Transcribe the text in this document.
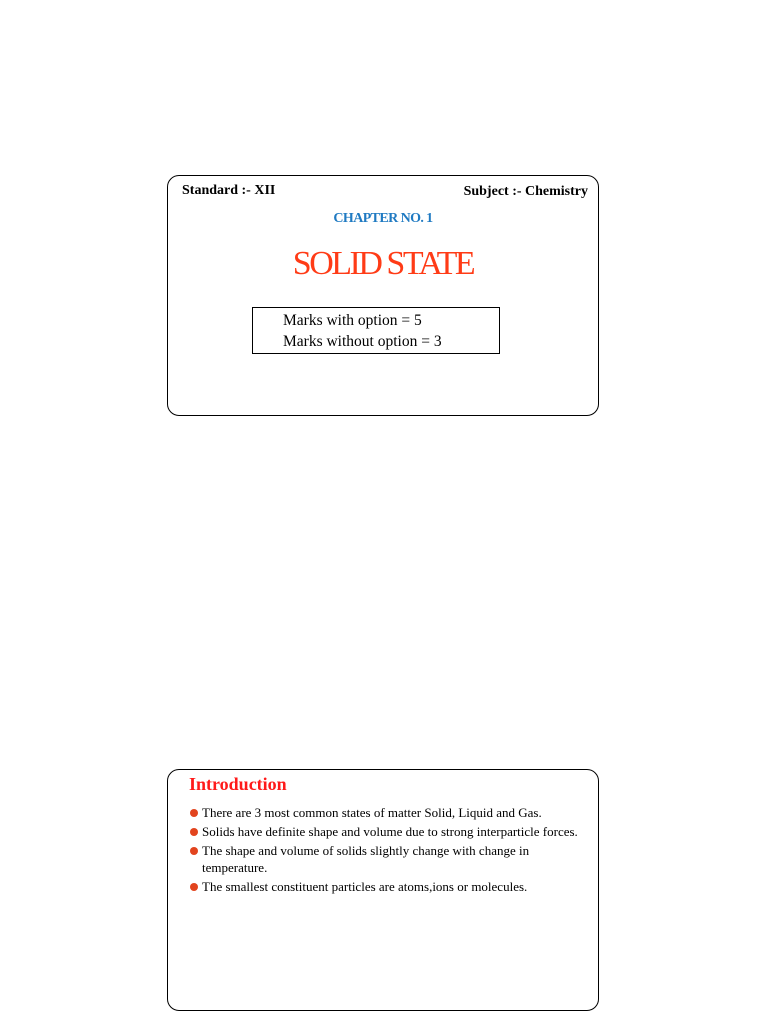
Standard :- XII	Subject :- Chemistry
CHAPTER NO. 1
SOLID STATE
Marks with option = 5
Marks without option = 3
Introduction
There are 3 most common states of matter Solid, Liquid and Gas.
Solids have definite shape and volume due to strong interparticle forces.
The shape and volume of solids slightly change with change in temperature.
The smallest constituent particles are atoms,ions or molecules.
